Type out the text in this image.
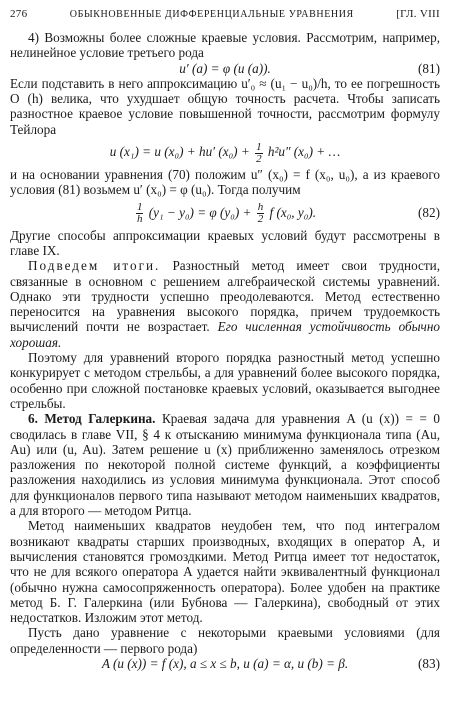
276	ОБЫКНОВЕННЫЕ ДИФФЕРЕНЦИАЛЬНЫЕ УРАВНЕНИЯ	[ГЛ. VIII

4) Возможны более сложные краевые условия. Рассмотрим, например, нелинейное условие третьего рода

u′ (a) = φ (u (a)).	(81)

Если подставить в него аппроксимацию u′₀ ≈ (u₁ − u₀)/h, то ее погрешность O (h) велика, что ухудшает общую точность расчета. Чтобы записать разностное краевое условие повышенной точности, рассмотрим формулу Тейлора

u (x₁) = u (x₀) + hu′ $(x_0) + \frac{1}{2} h^2u''$ (x₀) + …

и на основании уравнения (70) положим u″ (x₀) = f (x₀, u₀), а из краевого условия (81) возьмем u′ (x₀) = φ (u₀). Тогда получим

$\frac{1}{h} (y_1 - y_0) = \varphi$ $(y_0) + \frac{h}{2}$ f (x₀, y₀).	(82)

Другие способы аппроксимации краевых условий будут рассмотрены в главе IX.

Подведем итоги. Разностный метод имеет свои трудности, связанные в основном с решением алгебраической системы уравнений. Однако эти трудности успешно преодолеваются. Метод естественно переносится на уравнения высокого порядка, причем трудоемкость вычислений почти не возрастает. Его численная устойчивость обычно хорошая.

Поэтому для уравнений второго порядка разностный метод успешно конкурирует с методом стрельбы, а для уравнений более высокого порядка, особенно при сложной постановке краевых условий, оказывается выгоднее стрельбы.

6. Метод Галеркина. Краевая задача для уравнения A (u (x)) = = 0 сводилась в главе VII, § 4 к отысканию минимума функционала типа (Au, Au) или (u, Au). Затем решение u (x) приближенно заменялось отрезком разложения по некоторой полной системе функций, а коэффициенты разложения находились из условия минимума функционала. Этот способ для функционалов первого типа называют методом наименьших квадратов, а для второго — методом Ритца.

Метод наименьших квадратов неудобен тем, что под интегралом возникают квадраты старших производных, входящих в оператор A, и вычисления становятся громоздкими. Метод Ритца имеет тот недостаток, что не для всякого оператора A удается найти эквивалентный функционал (обычно нужна самосопряженность оператора). Более удобен на практике метод Б. Г. Галеркина (или Бубнова — Галеркина), свободный от этих недостатков. Изложим этот метод.

Пусть дано уравнение с некоторыми краевыми условиями (для определенности — первого рода)

A (u (x)) = f (x), a ≤ x ≤ b, u (a) = α, u (b) = β.	(83)
